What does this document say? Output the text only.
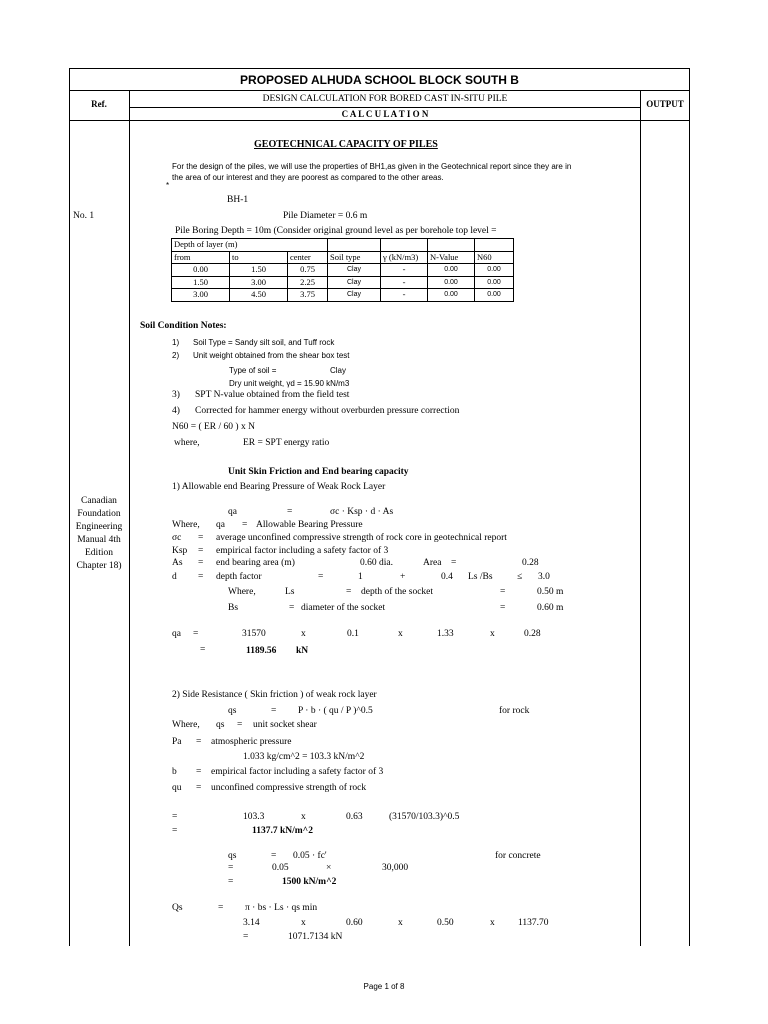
PROPOSED ALHUDA SCHOOL BLOCK SOUTH B
Ref.	DESIGN CALCULATION FOR BORED CAST IN-SITU PILE
C A L C U L A T I O N
OUTPUT
No. 1
Canadian
Foundation
Engineering
Manual 4th
Edition
Chapter 18)
GEOTECHNICAL CAPACITY OF PILES
For the design of the piles, we will use the properties of BH1,as given in the Geotechnical report since they are in
the area of our interest and they are poorest as compared to the other areas.
*
BH-1
Pile Diameter = 0.6 m
Pile Boring Depth = 10m (Consider original ground level as per borehole top level =
Depth of layer (m)						
from	to	center	Soil type	γ (kN/m3)	N-Value	N60
0.00	1.50	0.75	Clay	-	0.00	0.00
1.50	3.00	2.25	Clay	-	0.00	0.00
3.00	4.50	3.75	Clay	-	0.00	0.00
Soil Condition Notes:
1) Soil Type = Sandy silt soil, and Tuff rock
2) Unit weight obtained from the shear box test
Type of soil =	Clay
Dry unit weight, γd = 15.90 kN/m3
3) SPT N-value obtained from the field test
4) Corrected for hammer energy without overburden pressure correction
N60 = ( ER / 60 ) x N
where,	ER = SPT energy ratio
Unit Skin Friction and End bearing capacity
1) Allowable end Bearing Pressure of Weak Rock Layer
qa	=	σc · Ksp · d · As
Where, qa = Allowable Bearing Pressure
σc = average unconfined compressive strength of rock core in geotechnical report
Ksp = empirical factor including a safety factor of 3
As = end bearing area (m)	0.60 dia.	Area =	0.28
d = depth factor	=	1	+	0.4 Ls /Bs	≤ 3.0
Where,	Ls	= depth of the socket	=	0.50 m
Bs	= diameter of the socket	=	0.60 m
qa =	31570	x	0.1	x	1.33	x	0.28
=	1189.56 kN
2) Side Resistance ( Skin friction ) of weak rock layer
qs	= P · b · ( qu / P )^0.5	for rock
Where, qs = unit socket shear
Pa = atmospheric pressure
1.033 kg/cm^2 = 103.3 kN/m^2
b = empirical factor including a safety factor of 3
qu = unconfined compressive strength of rock
=	103.3	x	0.63	(31570/103.3)^0.5
=	1137.7 kN/m^2
qs	= 0.05 · fc'	for concrete
=	0.05	×	30,000
=	1500 kN/m^2
Qs	= π · bs · Ls · qs min
3.14	x	0.60	x	0.50	x 1137.70
=	1071.7134 kN
Page 1 of 8
